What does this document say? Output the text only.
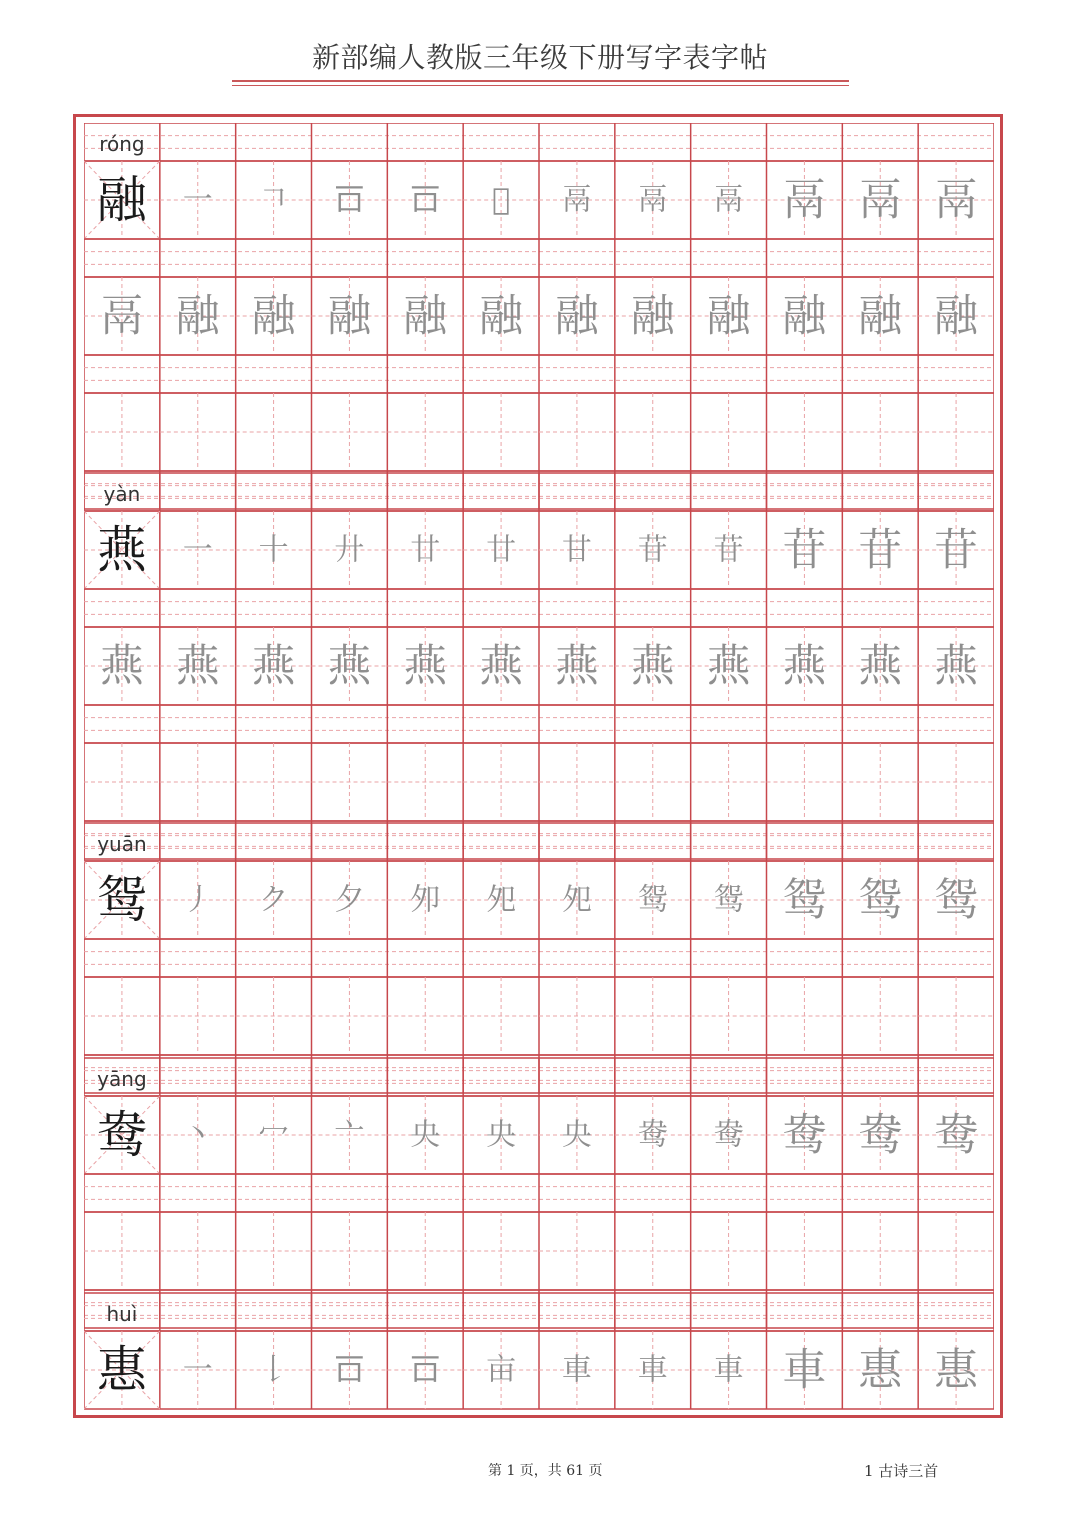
新部编人教版三年级下册写字表字帖
róng
融 一 𠃍 𠮛 𠮛 𭅧 鬲 鬲 鬲 鬲 鬲 鬲
鬲 融 融 融 融 融 融 融 融 融 融 融
yàn
燕 一 十 廾 廿 廿 甘 苷 苷 苷 苷 苷
燕 燕 燕 燕 燕 燕 燕 燕 燕 燕 燕 燕
yuān
鸳 丿 ク 夕 夘 夗 夗 鸳 鸳 鸳 鸳 鸳
yāng
鸯 丶 冖 亠 央 央 央 鸯 鸯 鸯 鸯 鸯
huì
惠 一 𠄌 𠮛 𠮛 亩 車 車 車 車 惠 惠
第 1 页，共 61 页	1 古诗三首
